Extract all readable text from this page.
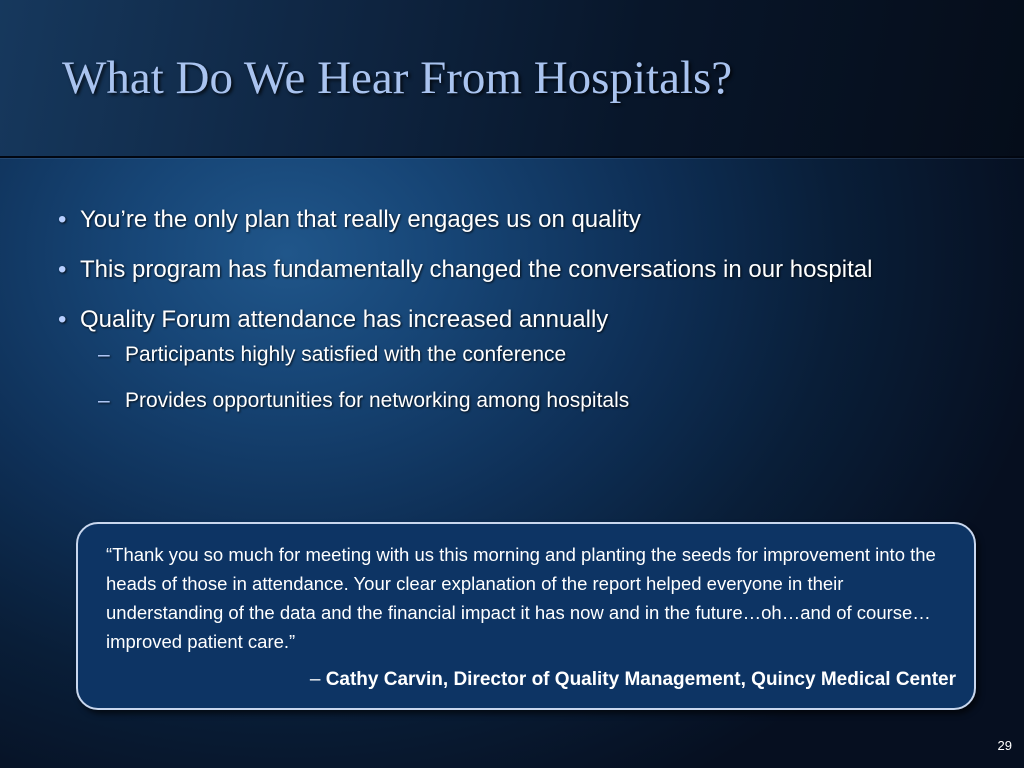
What Do We Hear From Hospitals?
• You’re the only plan that really engages us on quality
• This program has fundamentally changed the conversations in our hospital
• Quality Forum attendance has increased annually
– Participants highly satisfied with the conference
– Provides opportunities for networking among hospitals

“Thank you so much for meeting with us this morning and planting the seeds for improvement into the heads of those in attendance. Your clear explanation of the report helped everyone in their understanding of the data and the financial impact it has now and in the future…oh…and of course…improved patient care.”

– Cathy Carvin, Director of Quality Management, Quincy Medical Center

29
